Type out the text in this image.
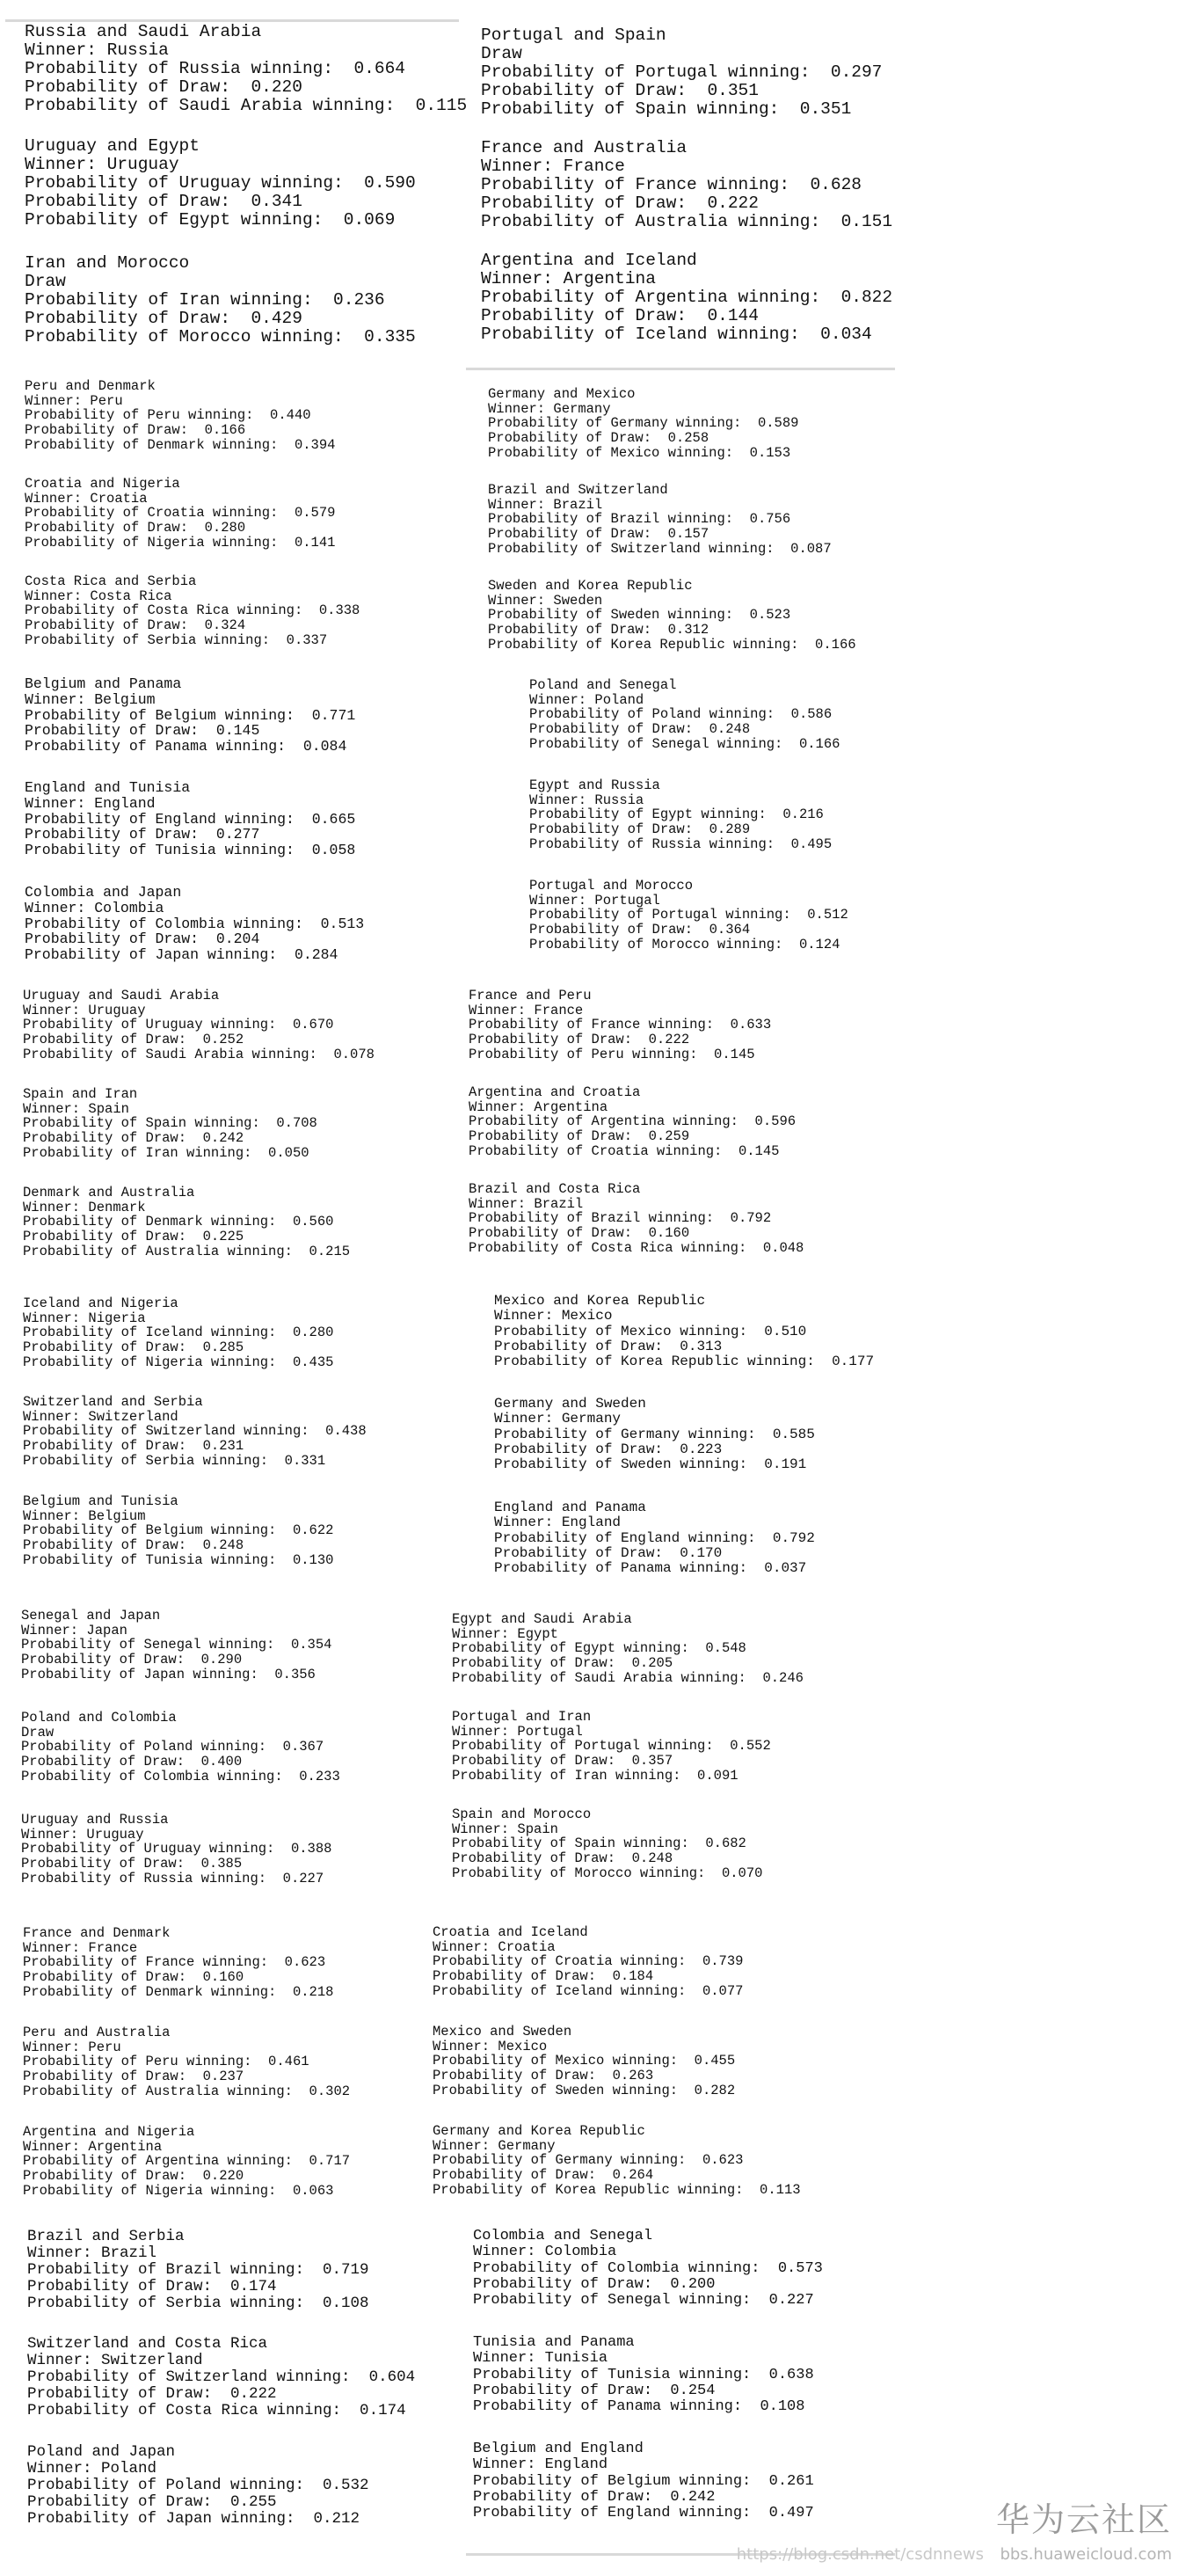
Russia and Saudi Arabia
Winner: Russia
Probability of Russia winning:  0.664
Probability of Draw:  0.220
Probability of Saudi Arabia winning:  0.115
Uruguay and Egypt
Winner: Uruguay
Probability of Uruguay winning:  0.590
Probability of Draw:  0.341
Probability of Egypt winning:  0.069
Iran and Morocco
Draw
Probability of Iran winning:  0.236
Probability of Draw:  0.429
Probability of Morocco winning:  0.335
Portugal and Spain
Draw
Probability of Portugal winning:  0.297
Probability of Draw:  0.351
Probability of Spain winning:  0.351
France and Australia
Winner: France
Probability of France winning:  0.628
Probability of Draw:  0.222
Probability of Australia winning:  0.151
Argentina and Iceland
Winner: Argentina
Probability of Argentina winning:  0.822
Probability of Draw:  0.144
Probability of Iceland winning:  0.034
Peru and Denmark
Winner: Peru
Probability of Peru winning:  0.440
Probability of Draw:  0.166
Probability of Denmark winning:  0.394
Croatia and Nigeria
Winner: Croatia
Probability of Croatia winning:  0.579
Probability of Draw:  0.280
Probability of Nigeria winning:  0.141
Costa Rica and Serbia
Winner: Costa Rica
Probability of Costa Rica winning:  0.338
Probability of Draw:  0.324
Probability of Serbia winning:  0.337
Germany and Mexico
Winner: Germany
Probability of Germany winning:  0.589
Probability of Draw:  0.258
Probability of Mexico winning:  0.153
Brazil and Switzerland
Winner: Brazil
Probability of Brazil winning:  0.756
Probability of Draw:  0.157
Probability of Switzerland winning:  0.087
Sweden and Korea Republic
Winner: Sweden
Probability of Sweden winning:  0.523
Probability of Draw:  0.312
Probability of Korea Republic winning:  0.166
Belgium and Panama
Winner: Belgium
Probability of Belgium winning:  0.771
Probability of Draw:  0.145
Probability of Panama winning:  0.084
England and Tunisia
Winner: England
Probability of England winning:  0.665
Probability of Draw:  0.277
Probability of Tunisia winning:  0.058
Colombia and Japan
Winner: Colombia
Probability of Colombia winning:  0.513
Probability of Draw:  0.204
Probability of Japan winning:  0.284
Poland and Senegal
Winner: Poland
Probability of Poland winning:  0.586
Probability of Draw:  0.248
Probability of Senegal winning:  0.166
Egypt and Russia
Winner: Russia
Probability of Egypt winning:  0.216
Probability of Draw:  0.289
Probability of Russia winning:  0.495
Portugal and Morocco
Winner: Portugal
Probability of Portugal winning:  0.512
Probability of Draw:  0.364
Probability of Morocco winning:  0.124
Uruguay and Saudi Arabia
Winner: Uruguay
Probability of Uruguay winning:  0.670
Probability of Draw:  0.252
Probability of Saudi Arabia winning:  0.078
Spain and Iran
Winner: Spain
Probability of Spain winning:  0.708
Probability of Draw:  0.242
Probability of Iran winning:  0.050
Denmark and Australia
Winner: Denmark
Probability of Denmark winning:  0.560
Probability of Draw:  0.225
Probability of Australia winning:  0.215
France and Peru
Winner: France
Probability of France winning:  0.633
Probability of Draw:  0.222
Probability of Peru winning:  0.145
Argentina and Croatia
Winner: Argentina
Probability of Argentina winning:  0.596
Probability of Draw:  0.259
Probability of Croatia winning:  0.145
Brazil and Costa Rica
Winner: Brazil
Probability of Brazil winning:  0.792
Probability of Draw:  0.160
Probability of Costa Rica winning:  0.048
Iceland and Nigeria
Winner: Nigeria
Probability of Iceland winning:  0.280
Probability of Draw:  0.285
Probability of Nigeria winning:  0.435
Switzerland and Serbia
Winner: Switzerland
Probability of Switzerland winning:  0.438
Probability of Draw:  0.231
Probability of Serbia winning:  0.331
Belgium and Tunisia
Winner: Belgium
Probability of Belgium winning:  0.622
Probability of Draw:  0.248
Probability of Tunisia winning:  0.130
Mexico and Korea Republic
Winner: Mexico
Probability of Mexico winning:  0.510
Probability of Draw:  0.313
Probability of Korea Republic winning:  0.177
Germany and Sweden
Winner: Germany
Probability of Germany winning:  0.585
Probability of Draw:  0.223
Probability of Sweden winning:  0.191
England and Panama
Winner: England
Probability of England winning:  0.792
Probability of Draw:  0.170
Probability of Panama winning:  0.037
Senegal and Japan
Winner: Japan
Probability of Senegal winning:  0.354
Probability of Draw:  0.290
Probability of Japan winning:  0.356
Poland and Colombia
Draw
Probability of Poland winning:  0.367
Probability of Draw:  0.400
Probability of Colombia winning:  0.233
Uruguay and Russia
Winner: Uruguay
Probability of Uruguay winning:  0.388
Probability of Draw:  0.385
Probability of Russia winning:  0.227
Egypt and Saudi Arabia
Winner: Egypt
Probability of Egypt winning:  0.548
Probability of Draw:  0.205
Probability of Saudi Arabia winning:  0.246
Portugal and Iran
Winner: Portugal
Probability of Portugal winning:  0.552
Probability of Draw:  0.357
Probability of Iran winning:  0.091
Spain and Morocco
Winner: Spain
Probability of Spain winning:  0.682
Probability of Draw:  0.248
Probability of Morocco winning:  0.070
France and Denmark
Winner: France
Probability of France winning:  0.623
Probability of Draw:  0.160
Probability of Denmark winning:  0.218
Peru and Australia
Winner: Peru
Probability of Peru winning:  0.461
Probability of Draw:  0.237
Probability of Australia winning:  0.302
Argentina and Nigeria
Winner: Argentina
Probability of Argentina winning:  0.717
Probability of Draw:  0.220
Probability of Nigeria winning:  0.063
Croatia and Iceland
Winner: Croatia
Probability of Croatia winning:  0.739
Probability of Draw:  0.184
Probability of Iceland winning:  0.077
Mexico and Sweden
Winner: Mexico
Probability of Mexico winning:  0.455
Probability of Draw:  0.263
Probability of Sweden winning:  0.282
Germany and Korea Republic
Winner: Germany
Probability of Germany winning:  0.623
Probability of Draw:  0.264
Probability of Korea Republic winning:  0.113
Brazil and Serbia
Winner: Brazil
Probability of Brazil winning:  0.719
Probability of Draw:  0.174
Probability of Serbia winning:  0.108
Switzerland and Costa Rica
Winner: Switzerland
Probability of Switzerland winning:  0.604
Probability of Draw:  0.222
Probability of Costa Rica winning:  0.174
Poland and Japan
Winner: Poland
Probability of Poland winning:  0.532
Probability of Draw:  0.255
Probability of Japan winning:  0.212
Colombia and Senegal
Winner: Colombia
Probability of Colombia winning:  0.573
Probability of Draw:  0.200
Probability of Senegal winning:  0.227
Tunisia and Panama
Winner: Tunisia
Probability of Tunisia winning:  0.638
Probability of Draw:  0.254
Probability of Panama winning:  0.108
Belgium and England
Winner: England
Probability of Belgium winning:  0.261
Probability of Draw:  0.242
Probability of England winning:  0.497	华为云社区
bbs.huaweicloud.com
https://blog.csdn.net/csdnnews
